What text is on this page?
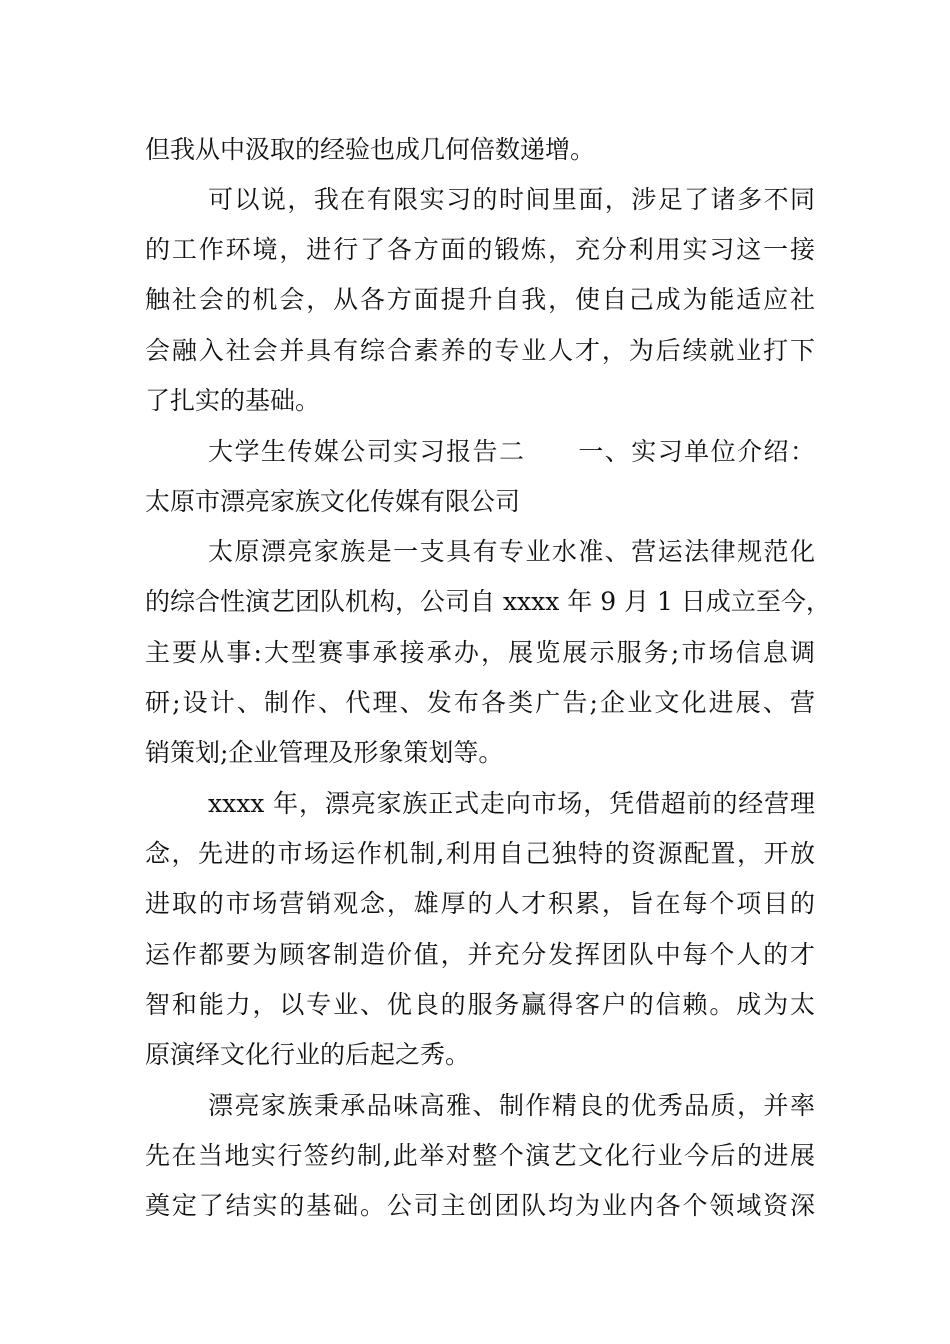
但我从中汲取的经验也成几何倍数递增。
可以说，我在有限实习的时间里面，涉足了诸多不同
的工作环境，进行了各方面的锻炼，充分利用实习这一接
触社会的机会，从各方面提升自我，使自己成为能适应社
会融入社会并具有综合素养的专业人才，为后续就业打下
了扎实的基础。
大学生传媒公司实习报告二　　一、实习单位介绍：
太原市漂亮家族文化传媒有限公司
太原漂亮家族是一支具有专业水准、营运法律规范化
的综合性演艺团队机构，公司自 xxxx 年 9 月 1 日成立至今，
主要从事:大型赛事承接承办，展览展示服务;市场信息调
研;设计、制作、代理、发布各类广告;企业文化进展、营
销策划;企业管理及形象策划等。
xxxx 年，漂亮家族正式走向市场，凭借超前的经营理
念，先进的市场运作机制,利用自己独特的资源配置，开放
进取的市场营销观念，雄厚的人才积累，旨在每个项目的
运作都要为顾客制造价值，并充分发挥团队中每个人的才
智和能力，以专业、优良的服务赢得客户的信赖。成为太
原演绎文化行业的后起之秀。
漂亮家族秉承品味高雅、制作精良的优秀品质，并率
先在当地实行签约制,此举对整个演艺文化行业今后的进展
奠定了结实的基础。公司主创团队均为业内各个领域资深
